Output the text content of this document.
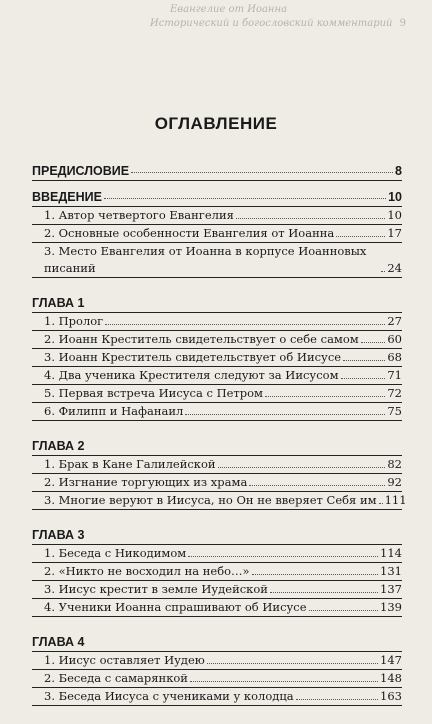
Евангелие от Иоанна
Исторический и богословский комментарий 9
ОГЛАВЛЕНИЕ
ПРЕДИСЛОВИЕ	8
ВВЕДЕНИЕ	10
1. Автор четвертого Евангелия	10
2. Основные особенности Евангелия от Иоанна	17
3. Место Евангелия от Иоанна в корпусе Иоанновых писаний	24
ГЛАВА 1
1. Пролог	27
2. Иоанн Креститель свидетельствует о себе самом 60
3. Иоанн Креститель свидетельствует об Иисусе	68
4. Два ученика Крестителя следуют за Иисусом	71
5. Первая встреча Иисуса с Петром	72
6. Филипп и Нафанаил	75
ГЛАВА 2
1. Брак в Кане Галилейской	82
2. Изгнание торгующих из храма	92
3. Многие веруют в Иисуса, но Он не вверяет Себя им 111
ГЛАВА 3
1. Беседа с Никодимом	114
2. «Никто не восходил на небо…»	131
3. Иисус крестит в земле Иудейской	137
4. Ученики Иоанна спрашивают об Иисусе	139
ГЛАВА 4
1. Иисус оставляет Иудею	147
2. Беседа с самарянкой	148
3. Беседа Иисуса с учениками у колодца	163
